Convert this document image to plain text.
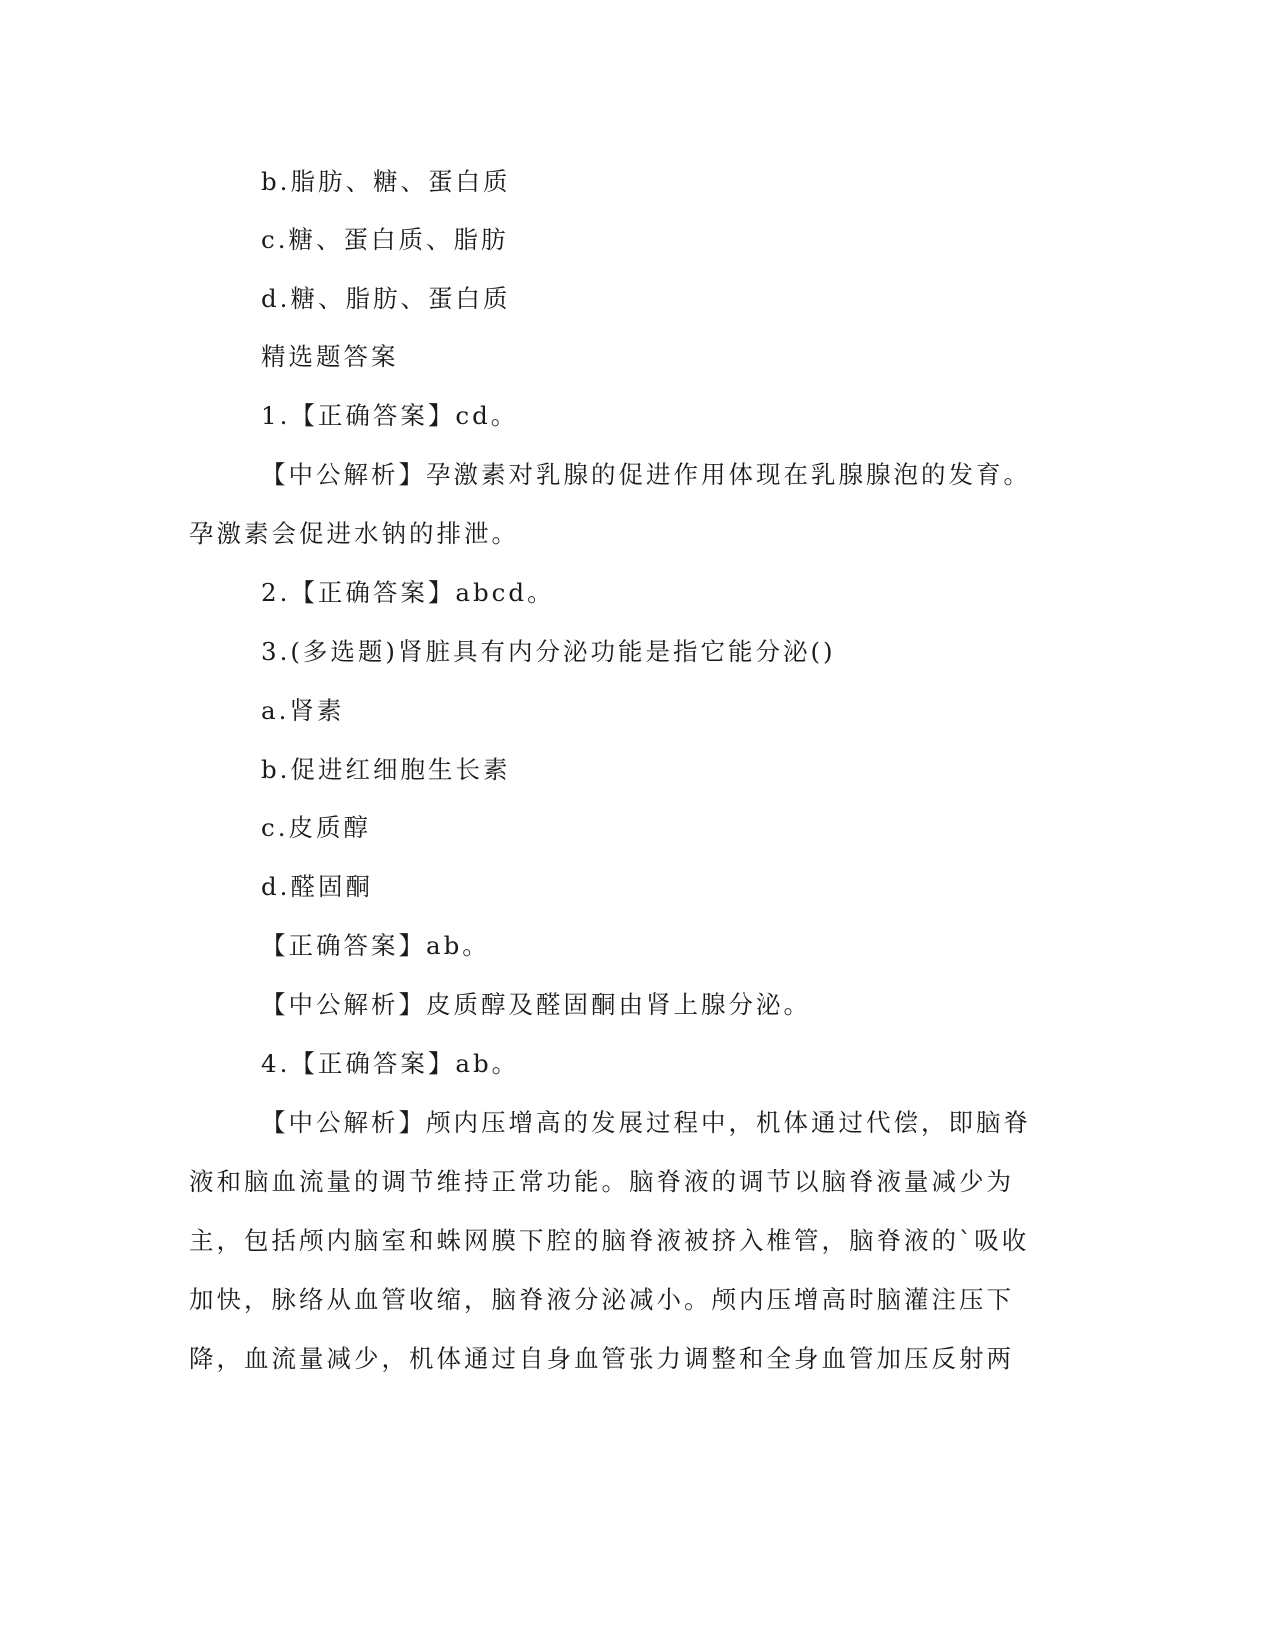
b.脂肪、糖、蛋白质
c.糖、蛋白质、脂肪
d.糖、脂肪、蛋白质
精选题答案
1.【正确答案】cd。
【中公解析】孕激素对乳腺的促进作用体现在乳腺腺泡的发育。
孕激素会促进水钠的排泄。
2.【正确答案】abcd。
3.(多选题)肾脏具有内分泌功能是指它能分泌()
a.肾素
b.促进红细胞生长素
c.皮质醇
d.醛固酮
【正确答案】ab。
【中公解析】皮质醇及醛固酮由肾上腺分泌。
4.【正确答案】ab。
【中公解析】颅内压增高的发展过程中，机体通过代偿，即脑脊
液和脑血流量的调节维持正常功能。脑脊液的调节以脑脊液量减少为
主，包括颅内脑室和蛛网膜下腔的脑脊液被挤入椎管，脑脊液的`吸收
加快，脉络从血管收缩，脑脊液分泌减小。颅内压增高时脑灌注压下
降，血流量减少，机体通过自身血管张力调整和全身血管加压反射两
